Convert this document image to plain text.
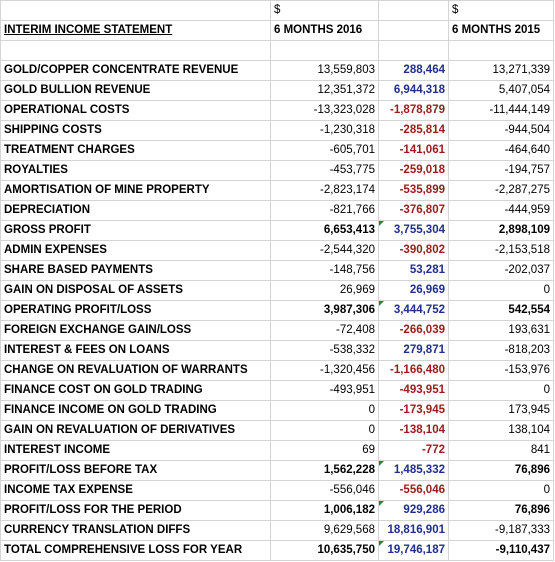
	$		$
INTERIM INCOME STATEMENT	6 MONTHS 2016		6 MONTHS 2015

GOLD/COPPER CONCENTRATE REVENUE	13,559,803	288,464	13,271,339
GOLD BULLION REVENUE	12,351,372	6,944,318	5,407,054
OPERATIONAL COSTS	-13,323,028	-1,878,879	-11,444,149
SHIPPING COSTS	-1,230,318	-285,814	-944,504
TREATMENT CHARGES	-605,701	-141,061	-464,640
ROYALTIES	-453,775	-259,018	-194,757
AMORTISATION OF MINE PROPERTY	-2,823,174	-535,899	-2,287,275
DEPRECIATION	-821,766	-376,807	-444,959
GROSS PROFIT	6,653,413	3,755,304	2,898,109
ADMIN EXPENSES	-2,544,320	-390,802	-2,153,518
SHARE BASED PAYMENTS	-148,756	53,281	-202,037
GAIN ON DISPOSAL OF ASSETS	26,969	26,969	0
OPERATING PROFIT/LOSS	3,987,306	3,444,752	542,554
FOREIGN EXCHANGE GAIN/LOSS	-72,408	-266,039	193,631
INTEREST & FEES ON LOANS	-538,332	279,871	-818,203
CHANGE ON REVALUATION OF WARRANTS	-1,320,456	-1,166,480	-153,976
FINANCE COST ON GOLD TRADING	-493,951	-493,951	0
FINANCE INCOME ON GOLD TRADING	0	-173,945	173,945
GAIN ON REVALUATION OF DERIVATIVES	0	-138,104	138,104
INTEREST INCOME	69	-772	841
PROFIT/LOSS BEFORE TAX	1,562,228	1,485,332	76,896
INCOME TAX EXPENSE	-556,046	-556,046	0
PROFIT/LOSS FOR THE PERIOD	1,006,182	929,286	76,896
CURRENCY TRANSLATION DIFFS	9,629,568	18,816,901	-9,187,333
TOTAL COMPREHENSIVE LOSS FOR YEAR	10,635,750	19,746,187	-9,110,437
